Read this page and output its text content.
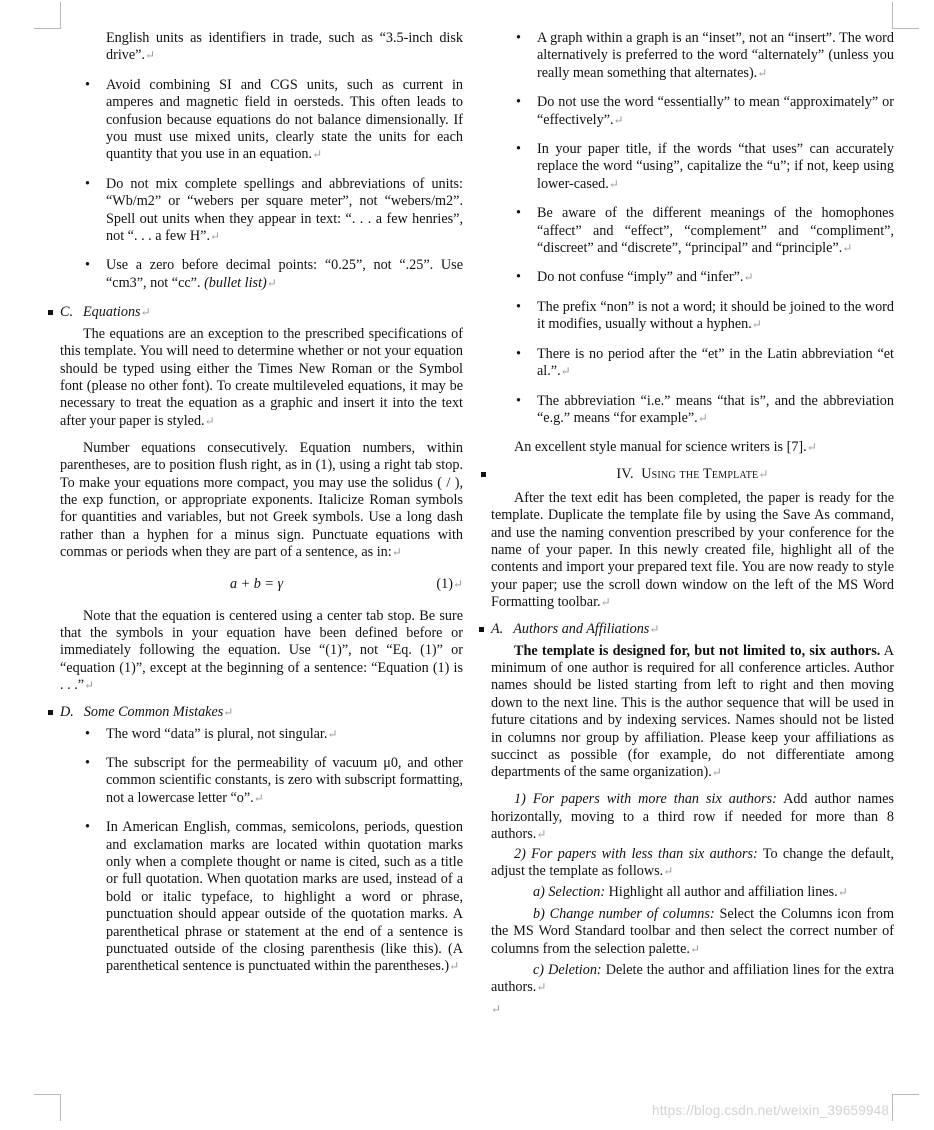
English units as identifiers in trade, such as “3.5-inch disk drive”.↵
• Avoid combining SI and CGS units, such as current in amperes and magnetic field in oersteds. This often leads to confusion because equations do not balance dimensionally. If you must use mixed units, clearly state the units for each quantity that you use in an equation.↵
• Do not mix complete spellings and abbreviations of units: “Wb/m2” or “webers per square meter”, not “webers/m2”. Spell out units when they appear in text: “. . . a few henries”, not “. . . a few H”.↵
• Use a zero before decimal points: “0.25”, not “.25”. Use “cm3”, not “cc”. (bullet list)↵
C. Equations↵

The equations are an exception to the prescribed specifications of this template. You will need to determine whether or not your equation should be typed using either the Times New Roman or the Symbol font (please no other font). To create multileveled equations, it may be necessary to treat the equation as a graphic and insert it into the text after your paper is styled.↵

Number equations consecutively. Equation numbers, within parentheses, are to position flush right, as in (1), using a right tab stop. To make your equations more compact, you may use the solidus ( / ), the exp function, or appropriate exponents. Italicize Roman symbols for quantities and variables, but not Greek symbols. Use a long dash rather than a hyphen for a minus sign. Punctuate equations with commas or periods when they are part of a sentence, as in:↵

a + b = γ	(1)↵

Note that the equation is centered using a center tab stop. Be sure that the symbols in your equation have been defined before or immediately following the equation. Use “(1)”, not “Eq. (1)” or “equation (1)”, except at the beginning of a sentence: “Equation (1) is . . .”↵

D. Some Common Mistakes↵
• The word “data” is plural, not singular.↵
• The subscript for the permeability of vacuum μ0, and other common scientific constants, is zero with subscript formatting, not a lowercase letter “o”.↵
• In American English, commas, semicolons, periods, question and exclamation marks are located within quotation marks only when a complete thought or name is cited, such as a title or full quotation. When quotation marks are used, instead of a bold or italic typeface, to highlight a word or phrase, punctuation should appear outside of the quotation marks. A parenthetical phrase or statement at the end of a sentence is punctuated outside of the closing parenthesis (like this). (A parenthetical sentence is punctuated within the parentheses.)↵
• A graph within a graph is an “inset”, not an “insert”. The word alternatively is preferred to the word “alternately” (unless you really mean something that alternates).↵
• Do not use the word “essentially” to mean “approximately” or “effectively”.↵
• In your paper title, if the words “that uses” can accurately replace the word “using”, capitalize the “u”; if not, keep using lower-cased.↵
• Be aware of the different meanings of the homophones “affect” and “effect”, “complement” and “compliment”, “discreet” and “discrete”, “principal” and “principle”.↵
• Do not confuse “imply” and “infer”.↵
• The prefix “non” is not a word; it should be joined to the word it modifies, usually without a hyphen.↵
• There is no period after the “et” in the Latin abbreviation “et al.”.↵
• The abbreviation “i.e.” means “that is”, and the abbreviation “e.g.” means “for example”.↵

An excellent style manual for science writers is [7].↵

IV. Using the Template↵

After the text edit has been completed, the paper is ready for the template. Duplicate the template file by using the Save As command, and use the naming convention prescribed by your conference for the name of your paper. In this newly created file, highlight all of the contents and import your prepared text file. You are now ready to style your paper; use the scroll down window on the left of the MS Word Formatting toolbar.↵

A. Authors and Affiliations↵

The template is designed for, but not limited to, six authors. A minimum of one author is required for all conference articles. Author names should be listed starting from left to right and then moving down to the next line. This is the author sequence that will be used in future citations and by indexing services. Names should not be listed in columns nor group by affiliation. Please keep your affiliations as succinct as possible (for example, do not differentiate among departments of the same organization).↵

1) For papers with more than six authors: Add author names horizontally, moving to a third row if needed for more than 8 authors.↵

2) For papers with less than six authors: To change the default, adjust the template as follows.↵

a) Selection: Highlight all author and affiliation lines.↵

b) Change number of columns: Select the Columns icon from the MS Word Standard toolbar and then select the correct number of columns from the selection palette.↵

c) Deletion: Delete the author and affiliation lines for the extra authors.↵

↵
https://blog.csdn.net/weixin_39659948
